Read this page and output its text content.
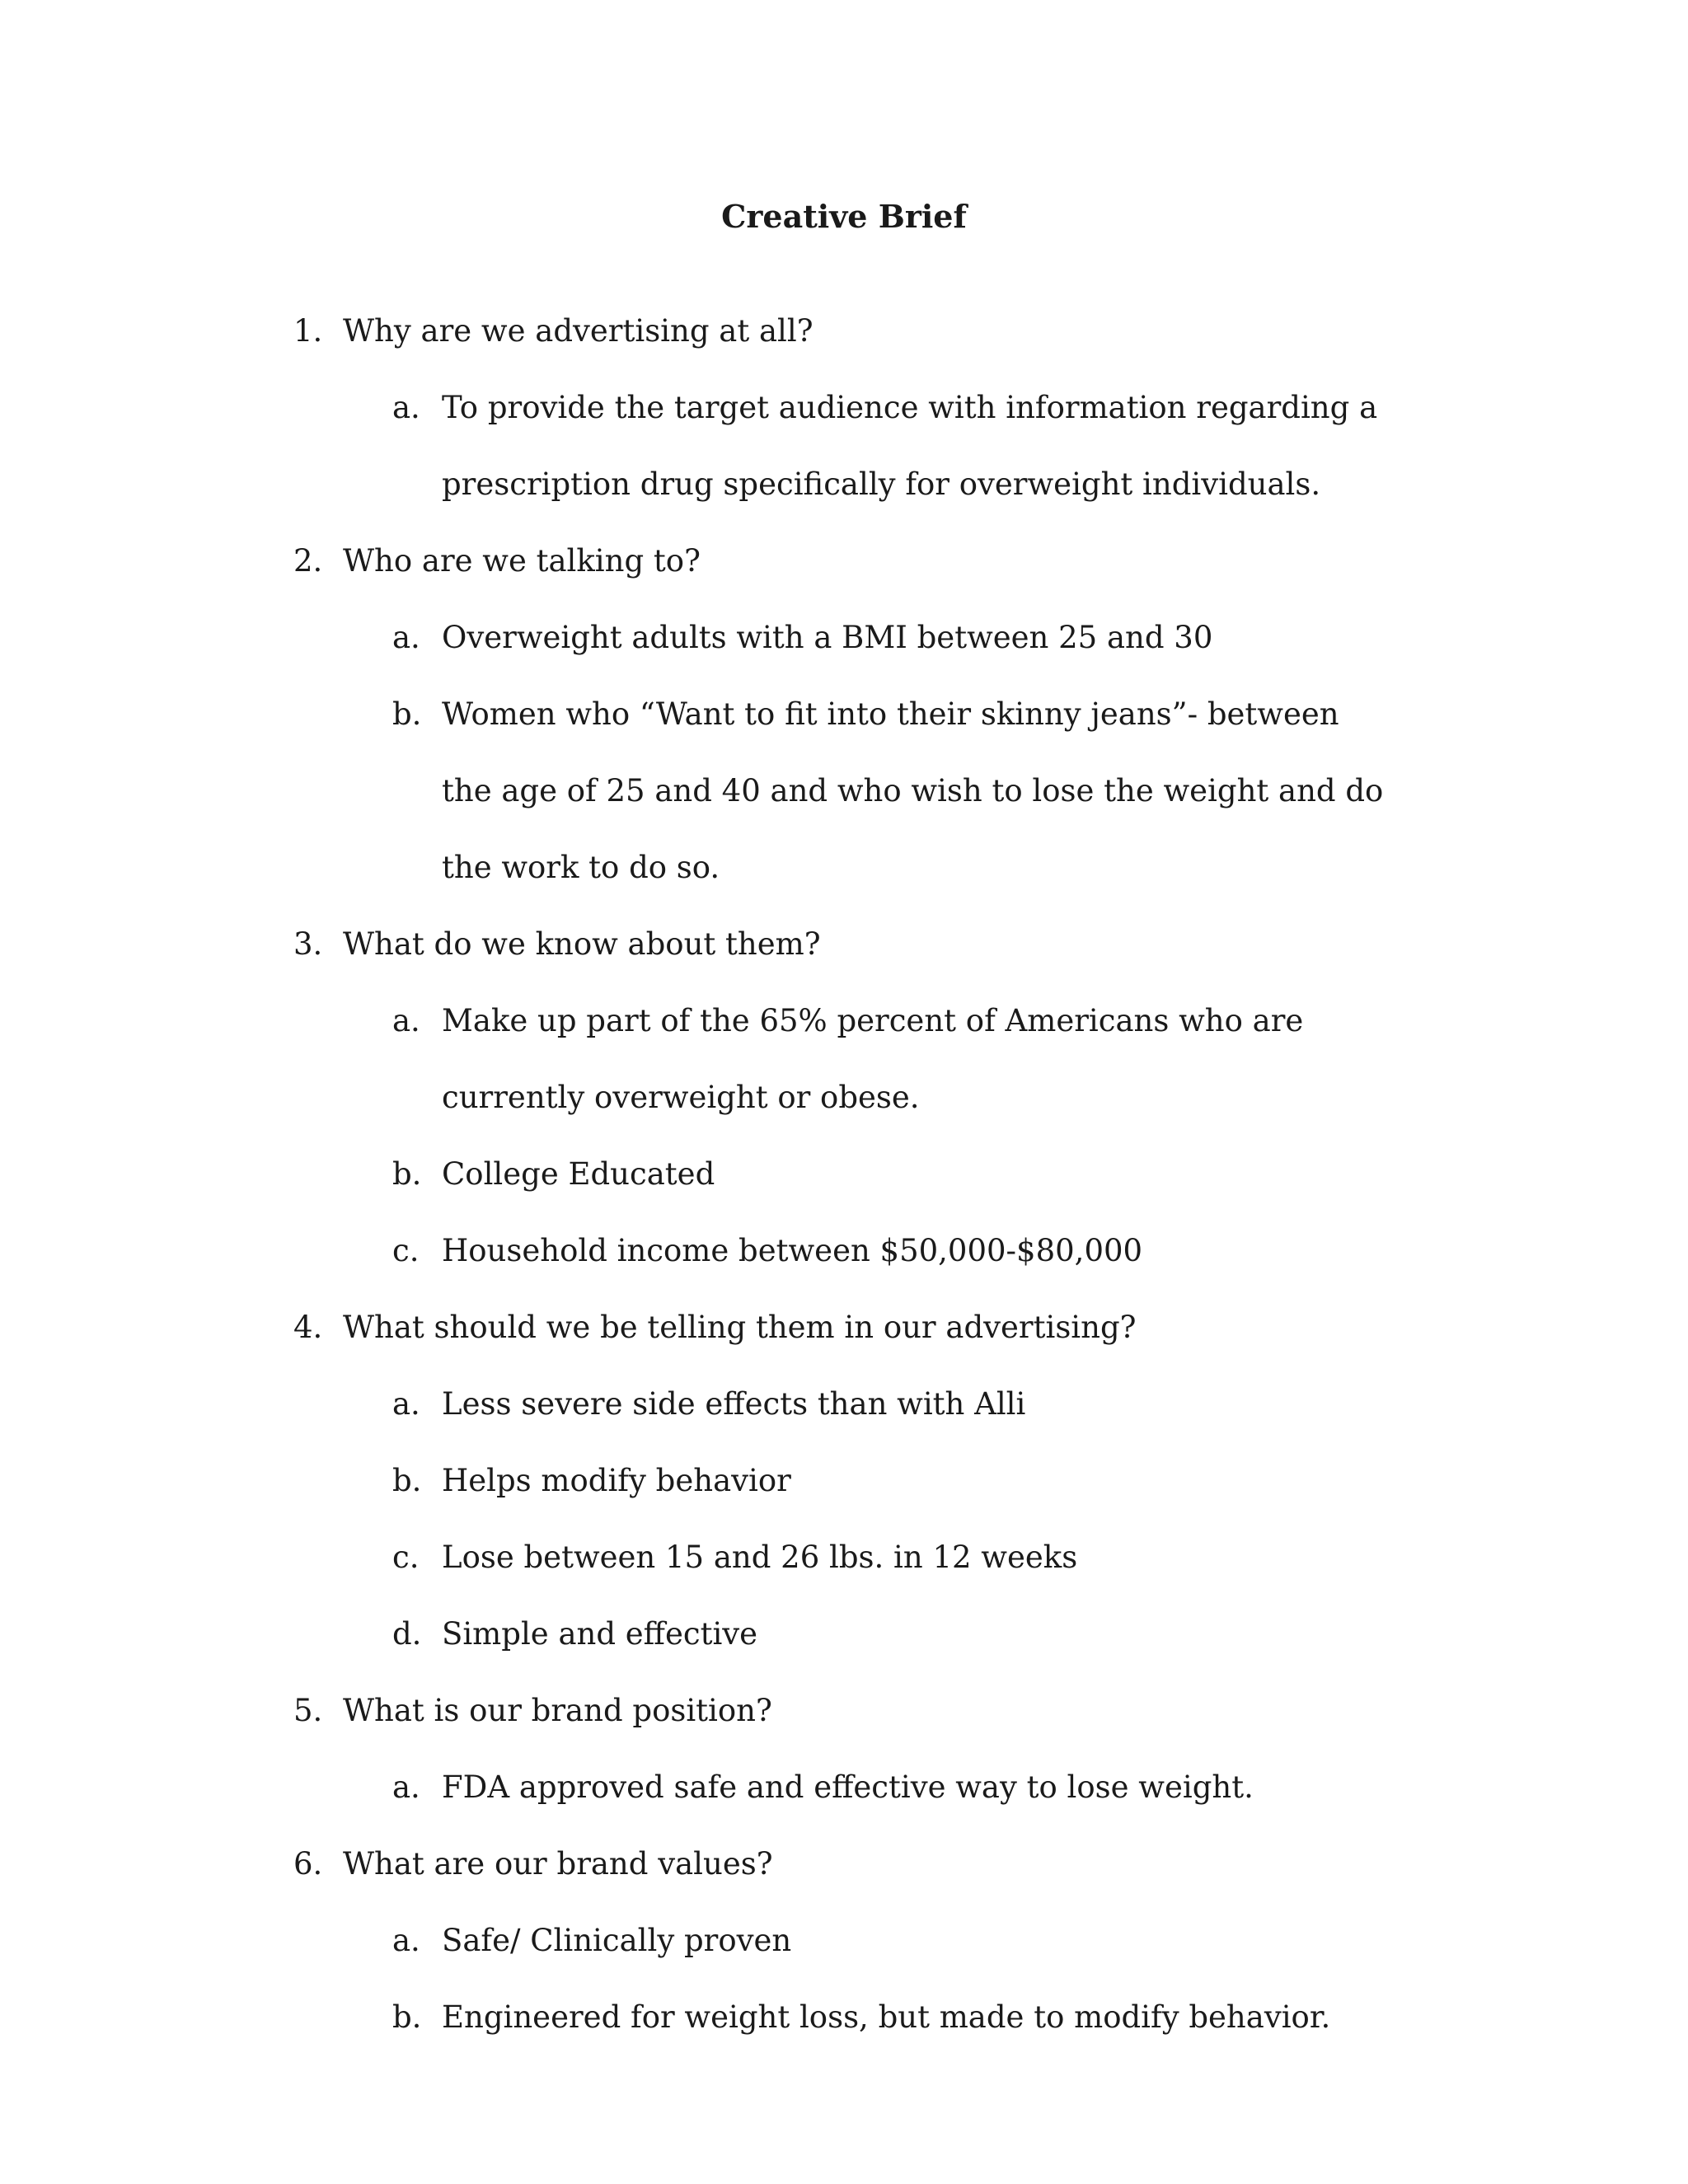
Creative Brief
1. Why are we advertising at all?
a. To provide the target audience with information regarding a prescription drug specifically for overweight individuals.
2. Who are we talking to?
a. Overweight adults with a BMI between 25 and 30
b. Women who “Want to fit into their skinny jeans”- between the age of 25 and 40 and who wish to lose the weight and do the work to do so.
3. What do we know about them?
a. Make up part of the 65% percent of Americans who are currently overweight or obese.
b. College Educated
c. Household income between $50,000-$80,000
4. What should we be telling them in our advertising?
a. Less severe side effects than with Alli
b. Helps modify behavior
c. Lose between 15 and 26 lbs. in 12 weeks
d. Simple and effective
5. What is our brand position?
a. FDA approved safe and effective way to lose weight.
6. What are our brand values?
a. Safe/ Clinically proven
b. Engineered for weight loss, but made to modify behavior.
